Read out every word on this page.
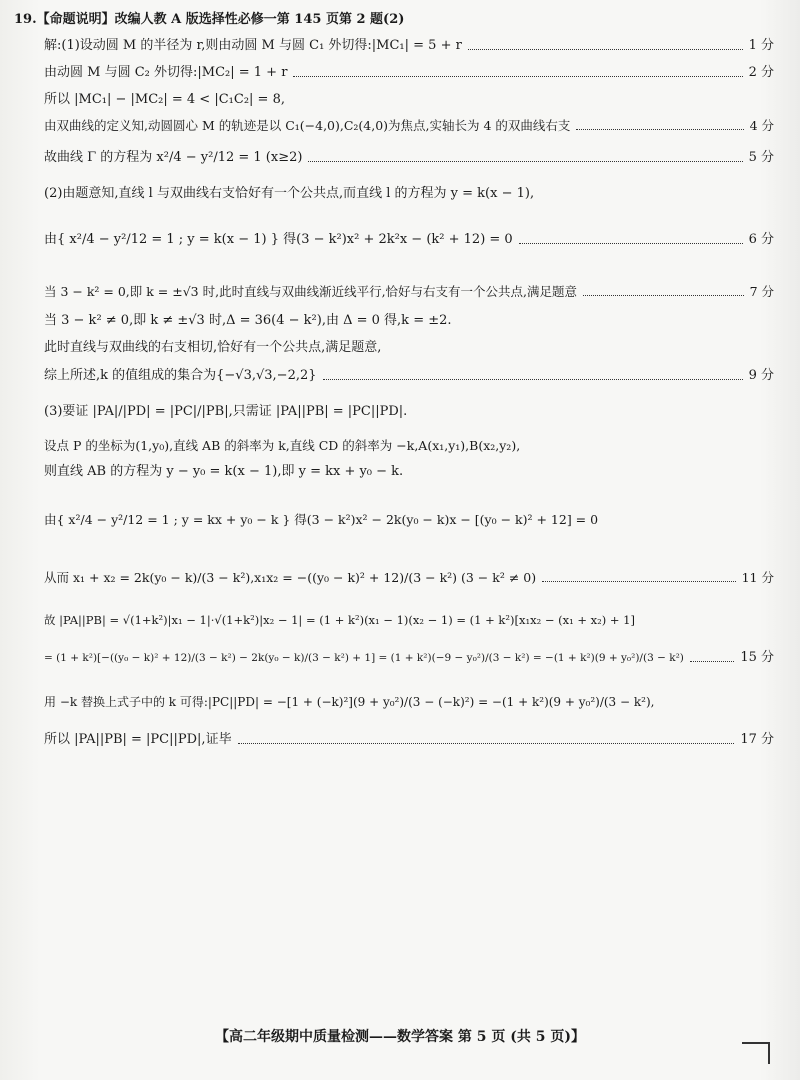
19.【命题说明】改编人教 A 版选择性必修一第 145 页第 2 题(2)
解:(1)设动圆 M 的半径为 r,则由动圆 M 与圆 C₁ 外切得:|MC₁| = 5 + r	1 分
由动圆 M 与圆 C₂ 外切得:|MC₂| = 1 + r	2 分
所以 |MC₁| − |MC₂| = 4 < |C₁C₂| = 8,
由双曲线的定义知,动圆圆心 M 的轨迹是以 C₁(−4,0),C₂(4,0)为焦点,实轴长为 4 的双曲线右支	4 分
故曲线 Γ 的方程为 x²/4 − y²/12 = 1 (x≥2)	5 分
(2)由题意知,直线 l 与双曲线右支恰好有一个公共点,而直线 l 的方程为 y = k(x − 1),
由{ x²/4 − y²/12 = 1 ; y = k(x − 1) } 得(3 − k²)x² + 2k²x − (k² + 12) = 0	6 分
当 3 − k² = 0,即 k = ±√3 时,此时直线与双曲线渐近线平行,恰好与右支有一个公共点,满足题意	7 分
当 3 − k² ≠ 0,即 k ≠ ±√3 时,Δ = 36(4 − k²),由 Δ = 0 得,k = ±2.
此时直线与双曲线的右支相切,恰好有一个公共点,满足题意,
综上所述,k 的值组成的集合为{−√3,√3,−2,2}	9 分
(3)要证 |PA|/|PD| = |PC|/|PB|,只需证 |PA||PB| = |PC||PD|.
设点 P 的坐标为(1,y₀),直线 AB 的斜率为 k,直线 CD 的斜率为 −k,A(x₁,y₁),B(x₂,y₂),
则直线 AB 的方程为 y − y₀ = k(x − 1),即 y = kx + y₀ − k.
由{ x²/4 − y²/12 = 1 ; y = kx + y₀ − k } 得(3 − k²)x² − 2k(y₀ − k)x − [(y₀ − k)² + 12] = 0
从而 x₁ + x₂ = 2k(y₀ − k)/(3 − k²),x₁x₂ = −((y₀ − k)² + 12)/(3 − k²) (3 − k² ≠ 0)	11 分
故 |PA||PB| = √(1+k²)|x₁ − 1|·√(1+k²)|x₂ − 1| = (1 + k²)(x₁ − 1)(x₂ − 1) = (1 + k²)[x₁x₂ − (x₁ + x₂) + 1]
= (1 + k²)[−((y₀ − k)² + 12)/(3 − k²) − 2k(y₀ − k)/(3 − k²) + 1] = (1 + k²)(−9 − y₀²)/(3 − k²) = −(1 + k²)(9 + y₀²)/(3 − k²)	15 分
用 −k 替换上式子中的 k 可得:|PC||PD| = −[1 + (−k)²](9 + y₀²)/(3 − (−k)²) = −(1 + k²)(9 + y₀²)/(3 − k²),
所以 |PA||PB| = |PC||PD|,证毕	17 分
【高二年级期中质量检测——数学答案 第 5 页 (共 5 页)】
